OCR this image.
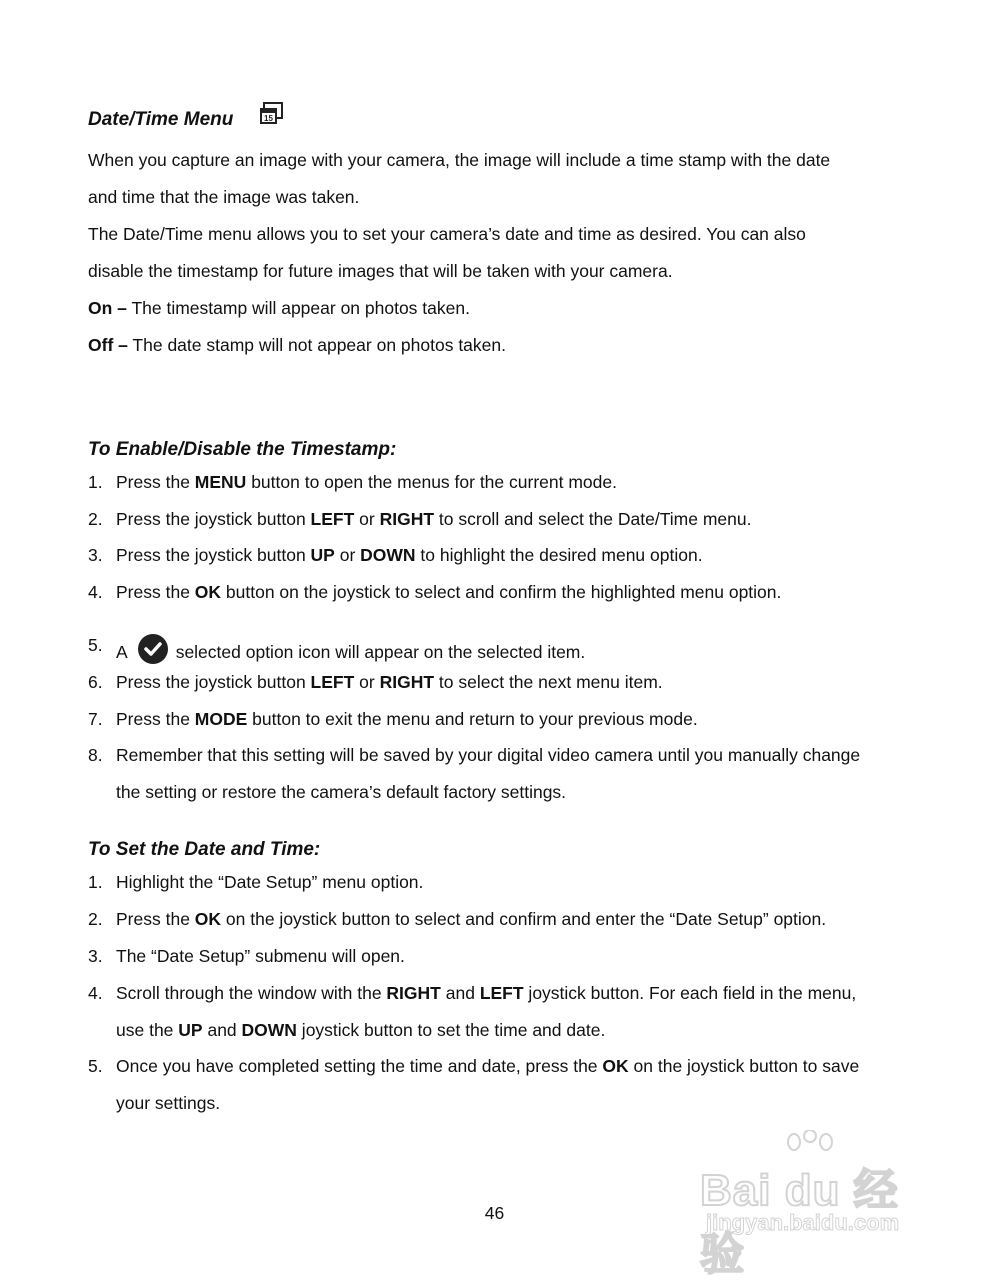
Date/Time Menu	15

When you capture an image with your camera, the image will include a time stamp with the date

and time that the image was taken.

The Date/Time menu allows you to set your camera’s date and time as desired. You can also

disable the timestamp for future images that will be taken with your camera.

On – The timestamp will appear on photos taken.

Off – The date stamp will not appear on photos taken.

To Enable/Disable the Timestamp:
1. Press the MENU button to open the menus for the current mode.
2. Press the joystick button LEFT or RIGHT to scroll and select the Date/Time menu.
3. Press the joystick button UP or DOWN to highlight the desired menu option.
4. Press the OK button on the joystick to select and confirm the highlighted menu option.
5. A	selected option icon will appear on the selected item.
6. Press the joystick button LEFT or RIGHT to select the next menu item.
7. Press the MODE button to exit the menu and return to your previous mode.
8. Remember that this setting will be saved by your digital video camera until you manually change
the setting or restore the camera’s default factory settings.
To Set the Date and Time:
1. Highlight the “Date Setup” menu option.
2. Press the OK on the joystick button to select and confirm and enter the “Date Setup” option.
3. The “Date Setup” submenu will open.
4. Scroll through the window with the RIGHT and LEFT joystick button. For each field in the menu,
use the UP and DOWN joystick button to set the time and date.
5. Once you have completed setting the time and date, press the OK on the joystick button to save
your settings.
46	Bai du 经验
jingyan.baidu.com
